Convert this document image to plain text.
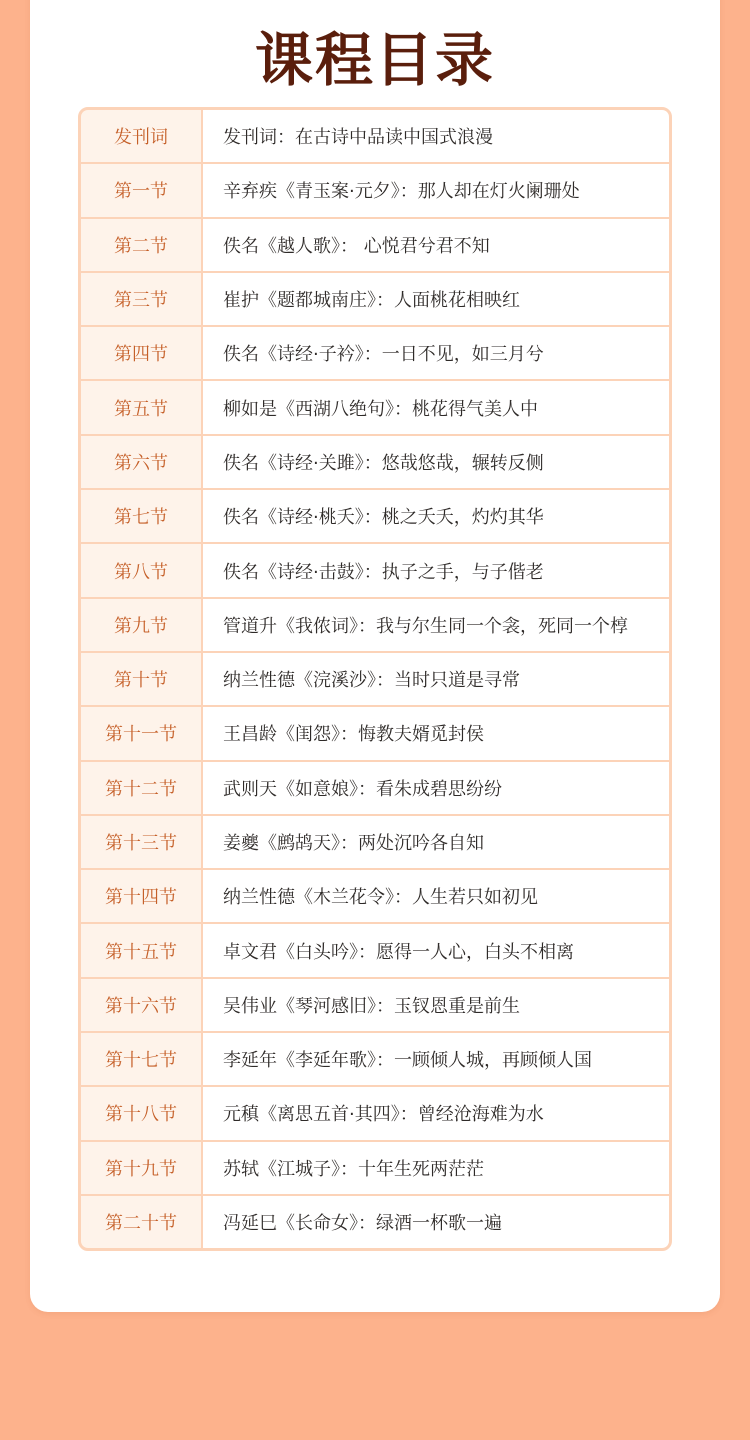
课程目录
发刊词	发刊词：在古诗中品读中国式浪漫
第一节	辛弃疾《青玉案·元夕》：那人却在灯火阑珊处
第二节	佚名《越人歌》： 心悦君兮君不知
第三节	崔护《题都城南庄》：人面桃花相映红
第四节	佚名《诗经·子衿》：一日不见，如三月兮
第五节	柳如是《西湖八绝句》：桃花得气美人中
第六节	佚名《诗经·关雎》：悠哉悠哉，辗转反侧
第七节	佚名《诗经·桃夭》：桃之夭夭，灼灼其华
第八节	佚名《诗经·击鼓》：执子之手，与子偕老
第九节	管道升《我侬词》：我与尔生同一个衾，死同一个椁
第十节	纳兰性德《浣溪沙》：当时只道是寻常
第十一节	王昌龄《闺怨》：悔教夫婿觅封侯
第十二节	武则天《如意娘》：看朱成碧思纷纷
第十三节	姜夔《鹧鸪天》：两处沉吟各自知
第十四节	纳兰性德《木兰花令》：人生若只如初见
第十五节	卓文君《白头吟》：愿得一人心，白头不相离
第十六节	吴伟业《琴河感旧》：玉钗恩重是前生
第十七节	李延年《李延年歌》：一顾倾人城，再顾倾人国
第十八节	元稹《离思五首·其四》：曾经沧海难为水
第十九节	苏轼《江城子》：十年生死两茫茫
第二十节	冯延巳《长命女》：绿酒一杯歌一遍
